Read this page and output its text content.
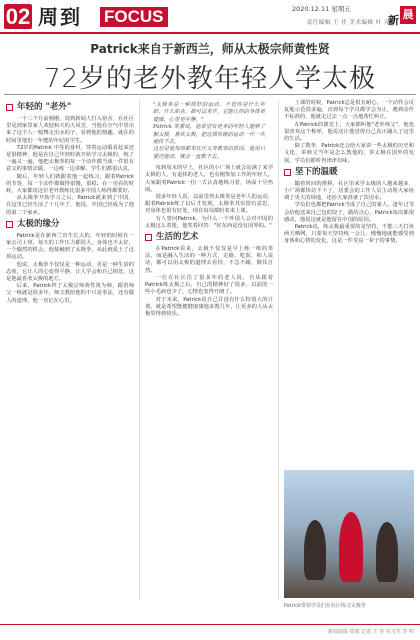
02 周到 FOCUS	2020.12.11 星期五
责任编辑 王 佳 美术编辑 叶 亮
新 晨
Patrick来自于新西兰，师从太极宗师黄性贤
72岁的老外教年轻人学太极
年轻的 "老外"

一个三个月前刚刚，周到新闻人打入宿舍，在社区里见到家里家人欢迎和天的大风堂，当他在空气中里出来了这个人一般舞走出水的子，看到他的情趣，就在的时间里他们一年能的年纪的学生。

72岁的Patrick 中等的身材，穿着运动服看起来还是很精神，他是在自己年轻时就开始学习太极的，练了一遍又一遍，他把太极拳的每一个动作都当成一件很有意义的事情去做，一边练一边讲解，学生们都很认真。

随后，年轻人们就跟着他一起练习，跟着Patrick的节奏，每一个动作都做得很慢，很稳。在一旁看的时候，大家都说这位老外教练比很多中国人练得都要好。

从太极拳开始学习之后，Patrick就来到了中国，在这里已经生活了十几年了，他说，中国已经成为了他的第二个家乡。

太极的缘分

Patrick是在新西兰出生长大的，年轻的时候在一家公司上班，每天的工作压力都很大，身体也不太好，一个偶然的机会，他接触到了太极拳，从此就爱上了这项运动。

他说，太极拳不仅仅是一种运动，更是一种生活的态度，它让人的心变得平静，让人学会和自己相处，这是他最喜欢太极的地方。

后来，Patrick拜了太极宗师黄性贤为师，跟着师父一练就是很多年，师父教给他的不只是拳法，还有做人的道理，他一直记在心里。

"太极拳是一种很好的运动，不管你是什么年龄，什么职业，都可以来学，它能让你的身体更健康，心里更平静。"

Patrick 笑着说，他希望有更多的年轻人能够了解太极，喜欢太极，把这项传统的运动一代一代地传下去。

这也是他每周都来社区义务教拳的原因，他说只要还能动，就会一直教下去。

每到周末的早上，社区的小广场上就会站满了来学太极的人，有退休的老人，也有刚参加工作的年轻人，大家跟着Patrick一招一式认真地练习着，场面十分热闹。

很多年轻人说，以前觉得太极拳是老年人的运动，跟着Patrick练了以后才发现，太极拳其实很有意思，对身体也很有好处，现在每周都盼着来上课。

有人曾问Patrick，为什么一个外国人会对中国的太极这么着迷，他笑着回答："好东西是没有国界的。"

生活的艺术

在Patrick看来，太极不仅仅是早上练一练的拳法，而是融入生活的一种方式，走路、吃饭、和人说话，都可以用太极的道理去看待，不急不躁，顺其自然。

一位在社区住了很多年的老人说，自从跟着Patrick练太极之后，自己的精神好了很多，以前的一些小毛病也少了，心情也变得开朗了。

对于未来，Patrick说自己并没有什么特别大的计划，就是希望能健健康康地多教几年，让更多的人从太极里得到快乐。

上课的时候，Patrick总是很有耐心，一个动作会反复地示范很多遍，直到每个学员都学会为止，遇到动作不标准的，他就走过去一点一点地帮忙纠正。

在Patrick的课堂上，大家都叫他"老外师父"，他也很喜欢这个称呼，他说这让他觉得自己真正融入了这里的生活。

除了教拳，Patrick还会给大家讲一些太极的历史和文化，讲师父当年是怎么教他的，讲太极在国外的发展，学员们都听得津津有味。

坚下的温暖

随着时间的推移，社区里来学太极的人越来越多，小广场都快站不下了，居委会的工作人员主动帮大家协调了更大的场地，还给大家准备了饮用水。

学员们也都把Patrick当成了自己的家人，逢年过节会给他送来自己包的饺子，做的点心，Patrick每次都很感动，他说这就是他留在中国的原因。

Patrick说，练太极最重要的是坚持，不能三天打鱼两天晒网，只要每天坚持练一会儿，慢慢地就能感受到身体和心情的变化，这是一件受益一辈子的事情。

Patrick带领学员们在社区练习太极拳
新闻晨报·周到 记者 王 佳 实习生 李 明
